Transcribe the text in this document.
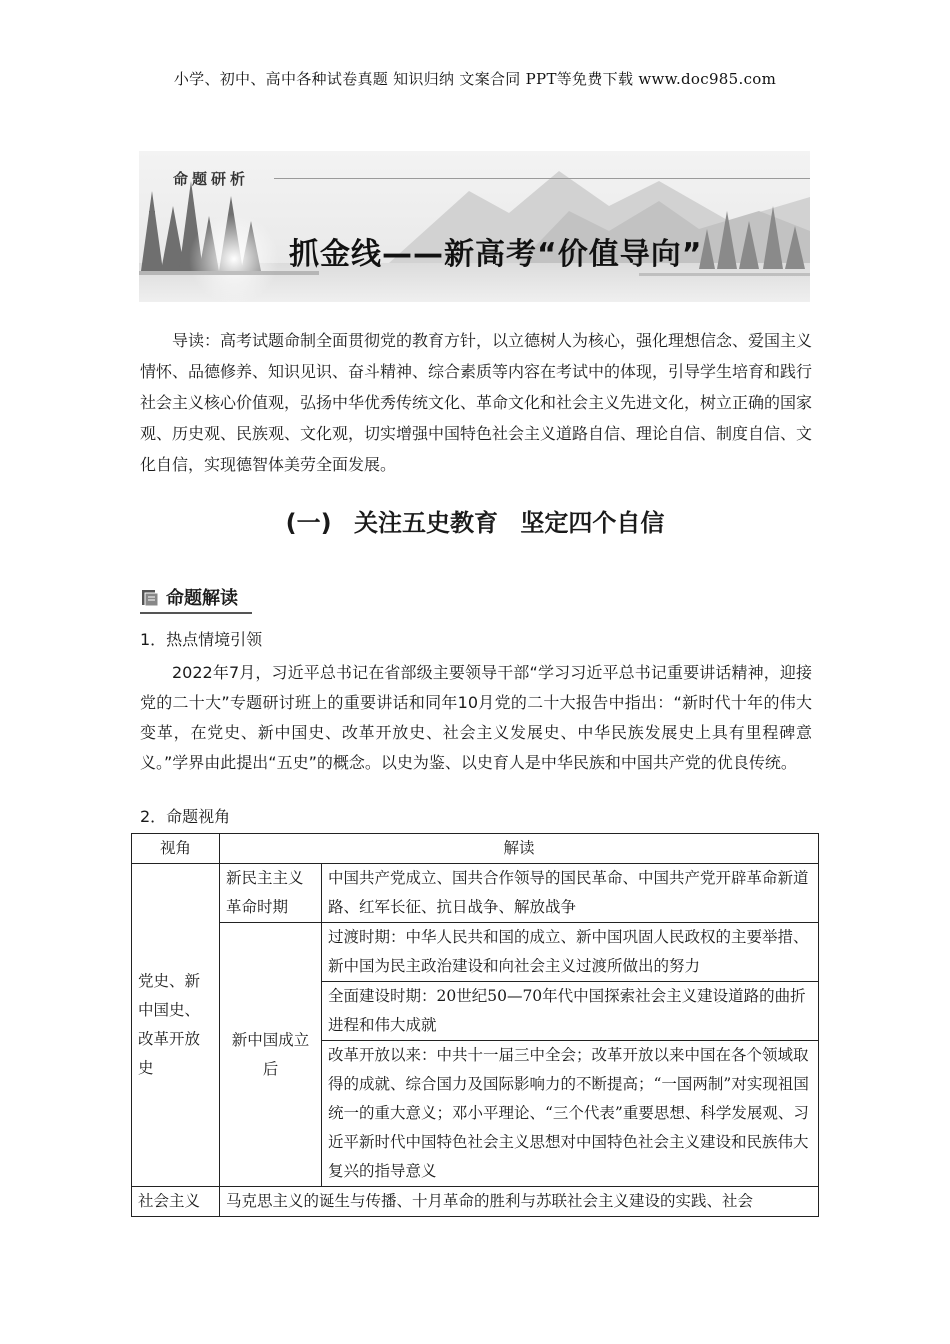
小学、初中、高中各种试卷真题 知识归纳 文案合同 PPT等免费下载 www.doc985.com
命题研析
抓金线——新高考“价值导向”
导读：高考试题命制全面贯彻党的教育方针，以立德树人为核心，强化理想信念、爱国主义情怀、品德修养、知识见识、奋斗精神、综合素质等内容在考试中的体现，引导学生培育和践行社会主义核心价值观，弘扬中华优秀传统文化、革命文化和社会主义先进文化，树立正确的国家观、历史观、民族观、文化观，切实增强中国特色社会主义道路自信、理论自信、制度自信、文化自信，实现德智体美劳全面发展。
(一) 关注五史教育 坚定四个自信
命题解读
1．热点情境引领
2022年7月，习近平总书记在省部级主要领导干部“学习习近平总书记重要讲话精神，迎接党的二十大”专题研讨班上的重要讲话和同年10月党的二十大报告中指出：“新时代十年的伟大变革，在党史、新中国史、改革开放史、社会主义发展史、中华民族发展史上具有里程碑意义。”学界由此提出“五史”的概念。以史为鉴、以史育人是中华民族和中国共产党的优良传统。
2．命题视角
视角	解读	
党史、新中国史、改革开放史	新民主主义革命时期	中国共产党成立、国共合作领导的国民革命、中国共产党开辟革命新道路、红军长征、抗日战争、解放战争
	新中国成立后	过渡时期：中华人民共和国的成立、新中国巩固人民政权的主要举措、新中国为民主政治建设和向社会主义过渡所做出的努力
		全面建设时期：20世纪50—70年代中国探索社会主义建设道路的曲折进程和伟大成就
		改革开放以来：中共十一届三中全会；改革开放以来中国在各个领域取得的成就、综合国力及国际影响力的不断提高；“一国两制”对实现祖国统一的重大意义；邓小平理论、“三个代表”重要思想、科学发展观、习近平新时代中国特色社会主义思想对中国特色社会主义建设和民族伟大复兴的指导意义

社会主义	马克思主义的诞生与传播、十月革命的胜利与苏联社会主义建设的实践、社会	
